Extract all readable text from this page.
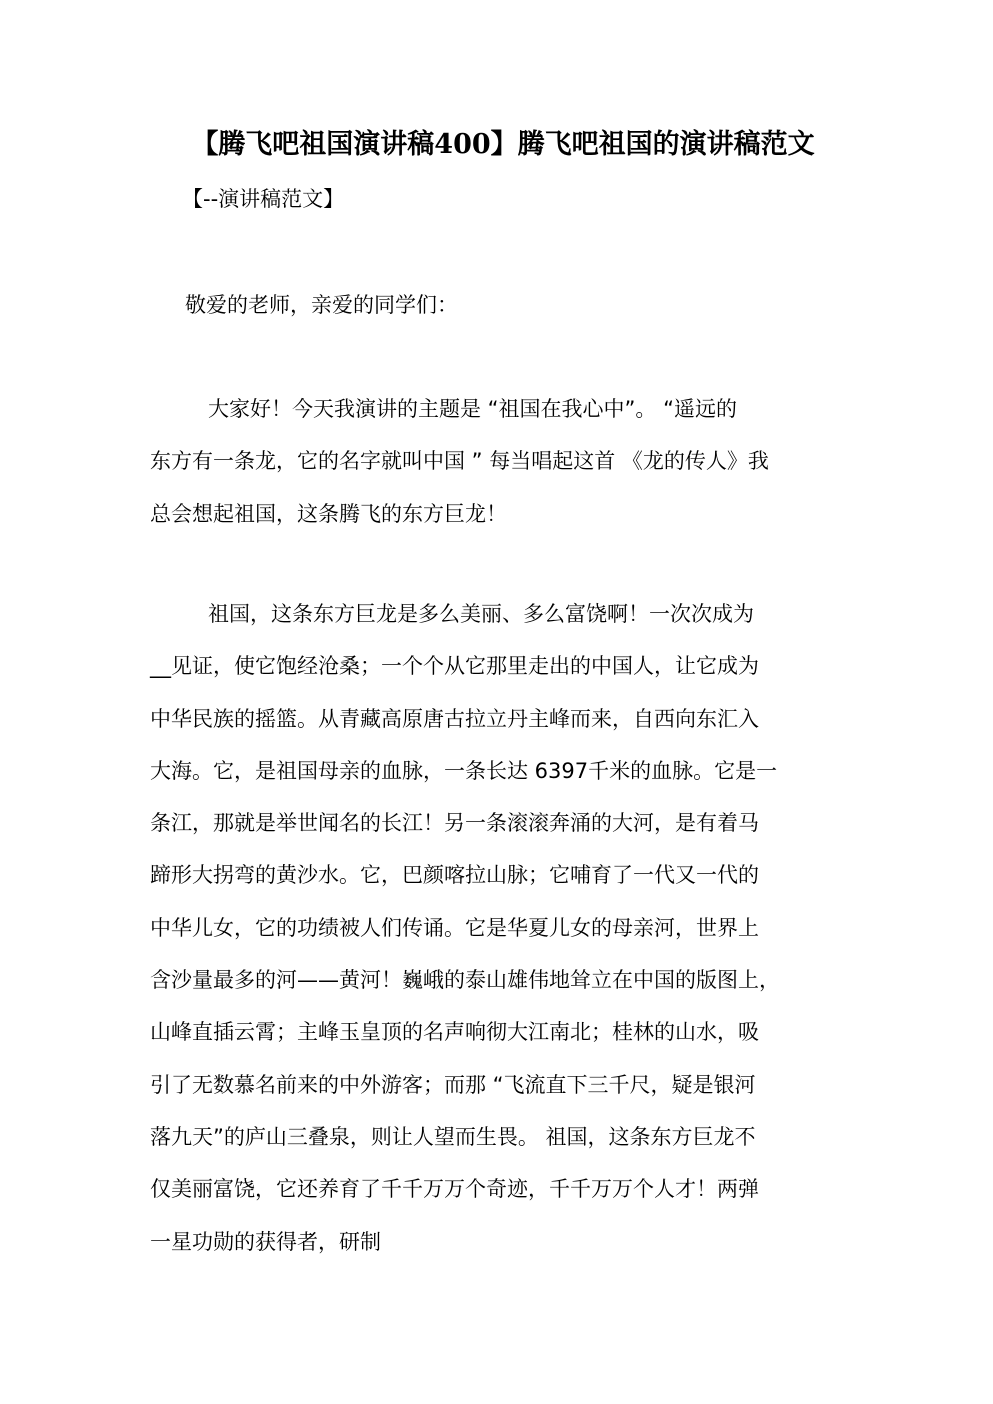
【腾飞吧祖国演讲稿400】腾飞吧祖国的演讲稿范文
【--演讲稿范文】
敬爱的老师，亲爱的同学们：
大家好！今天我演讲的主题是 “祖国在我心中”。 “遥远的
东方有一条龙，它的名字就叫中国 ” 每当唱起这首 《龙的传人》我
总会想起祖国，这条腾飞的东方巨龙！
祖国，这条东方巨龙是多么美丽、多么富饶啊！一次次成为
__见证，使它饱经沧桑；一个个从它那里走出的中国人，让它成为
中华民族的摇篮。从青藏高原唐古拉立丹主峰而来，自西向东汇入
大海。它，是祖国母亲的血脉，一条长达 6397千米的血脉。它是一
条江，那就是举世闻名的长江！另一条滚滚奔涌的大河，是有着马
蹄形大拐弯的黄沙水。它，巴颜喀拉山脉；它哺育了一代又一代的
中华儿女，它的功绩被人们传诵。它是华夏儿女的母亲河，世界上
含沙量最多的河——黄河！巍峨的泰山雄伟地耸立在中国的版图上，
山峰直插云霄；主峰玉皇顶的名声响彻大江南北；桂林的山水，吸
引了无数慕名前来的中外游客；而那 “飞流直下三千尺，疑是银河
落九天”的庐山三叠泉，则让人望而生畏。 祖国，这条东方巨龙不
仅美丽富饶，它还养育了千千万万个奇迹，千千万万个人才！两弹
一星功勋的获得者，研制
